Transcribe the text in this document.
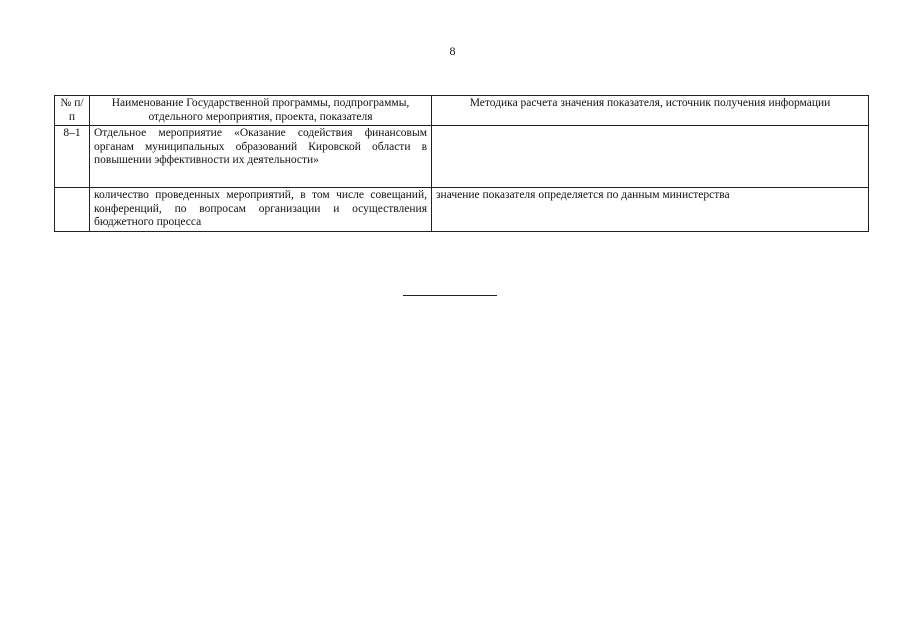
8
№ п/п	Наименование Государственной программы, подпрограммы, отдельного мероприятия, проекта, показателя	Методика расчета значения показателя, источник получения информации
8–1	Отдельное мероприятие «Оказание содействия финансовым органам муниципальных образований Кировской области в повышении эффективности их деятельности»	
	количество проведенных мероприятий, в том числе совещаний, конференций, по вопросам организации и осуществления бюджетного процесса	значение показателя определяется по данным министерства
